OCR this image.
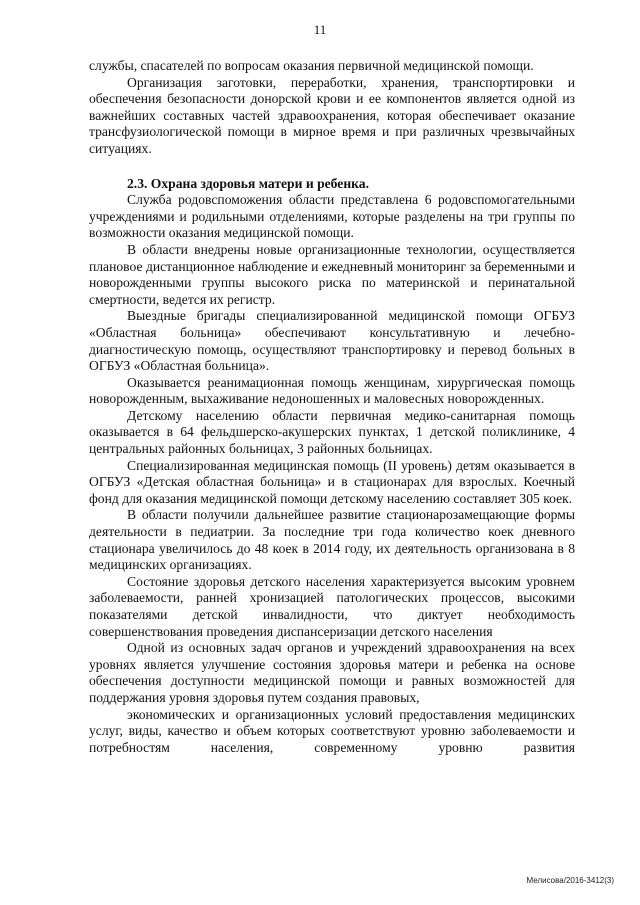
11

службы, спасателей по вопросам оказания первичной медицинской помощи.

Организация заготовки, переработки, хранения, транспортировки и обеспечения безопасности донорской крови и ее компонентов является одной из важнейших составных частей здравоохранения, которая обеспечивает оказание трансфузиологической помощи в мирное время и при различных чрезвычайных ситуациях.

2.3. Охрана здоровья матери и ребенка.

Служба родовспоможения области представлена 6 родовспомогательными учреждениями и родильными отделениями, которые разделены на три группы по возможности оказания медицинской помощи.

В области внедрены новые организационные технологии, осуществляется плановое дистанционное наблюдение и ежедневный мониторинг за беременными и новорожденными группы высокого риска по материнской и перинатальной смертности, ведется их регистр.

Выездные бригады специализированной медицинской помощи ОГБУЗ «Областная больница» обеспечивают консультативную и лечебно-диагностическую помощь, осуществляют транспортировку и перевод больных в ОГБУЗ «Областная больница».

Оказывается реанимационная помощь женщинам, хирургическая помощь новорожденным, выхаживание недоношенных и маловесных новорожденных.

Детскому населению области первичная медико-санитарная помощь оказывается в 64 фельдшерско-акушерских пунктах, 1 детской поликлинике, 4 центральных районных больницах, 3 районных больницах.

Специализированная медицинская помощь (II уровень) детям оказывается в ОГБУЗ «Детская областная больница» и в стационарах для взрослых. Коечный фонд для оказания медицинской помощи детскому населению составляет 305 коек.

В области получили дальнейшее развитие стационарозамещающие формы деятельности в педиатрии. За последние три года количество коек дневного стационара увеличилось до 48 коек в 2014 году, их деятельность организована в 8 медицинских организациях.

Состояние здоровья детского населения характеризуется высоким уровнем заболеваемости, ранней хронизацией патологических процессов, высокими показателями детской инвалидности, что диктует необходимость совершенствования проведения диспансеризации детского населения

Одной из основных задач органов и учреждений здравоохранения на всех уровнях является улучшение состояния здоровья матери и ребенка на основе обеспечения доступности медицинской помощи и равных возможностей для поддержания уровня здоровья путем создания правовых,

экономических и организационных условий предоставления медицинских услуг, виды, качество и объем которых соответствуют уровню заболеваемости и потребностям населения, современному уровню развития

Мелисова/2016-3412(3)
